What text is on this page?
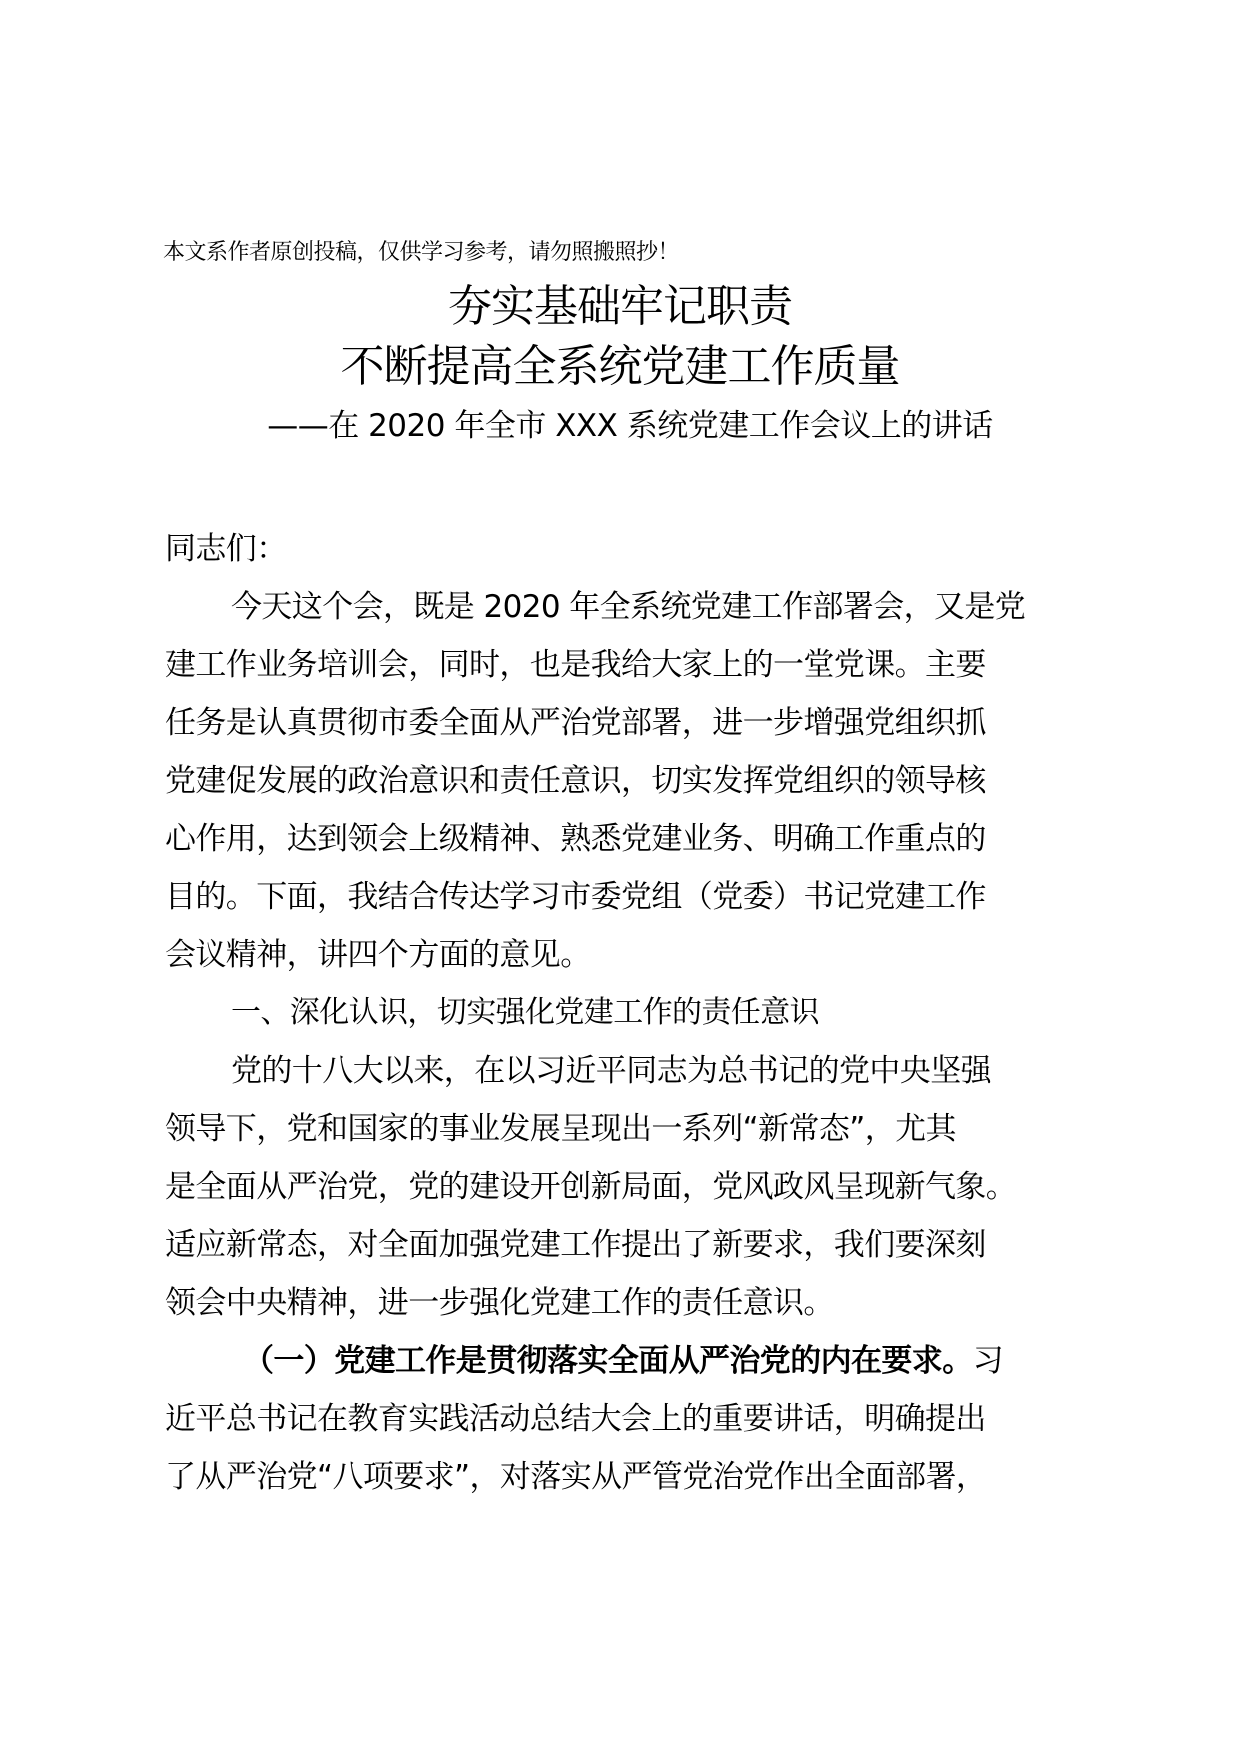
本文系作者原创投稿，仅供学习参考，请勿照搬照抄！
夯实基础牢记职责
不断提高全系统党建工作质量
——在 2020 年全市 XXX 系统党建工作会议上的讲话
同志们：
今天这个会，既是 2020 年全系统党建工作部署会，又是党
建工作业务培训会，同时，也是我给大家上的一堂党课。主要
任务是认真贯彻市委全面从严治党部署，进一步增强党组织抓
党建促发展的政治意识和责任意识，切实发挥党组织的领导核
心作用，达到领会上级精神、熟悉党建业务、明确工作重点的
目的。下面，我结合传达学习市委党组（党委）书记党建工作
会议精神，讲四个方面的意见。
一、深化认识，切实强化党建工作的责任意识
党的十八大以来，在以习近平同志为总书记的党中央坚强
领导下，党和国家的事业发展呈现出一系列“新常态”，尤其
是全面从严治党，党的建设开创新局面，党风政风呈现新气象。
适应新常态，对全面加强党建工作提出了新要求，我们要深刻
领会中央精神，进一步强化党建工作的责任意识。
（一）党建工作是贯彻落实全面从严治党的内在要求。习
近平总书记在教育实践活动总结大会上的重要讲话，明确提出
了从严治党“八项要求”，对落实从严管党治党作出全面部署，
